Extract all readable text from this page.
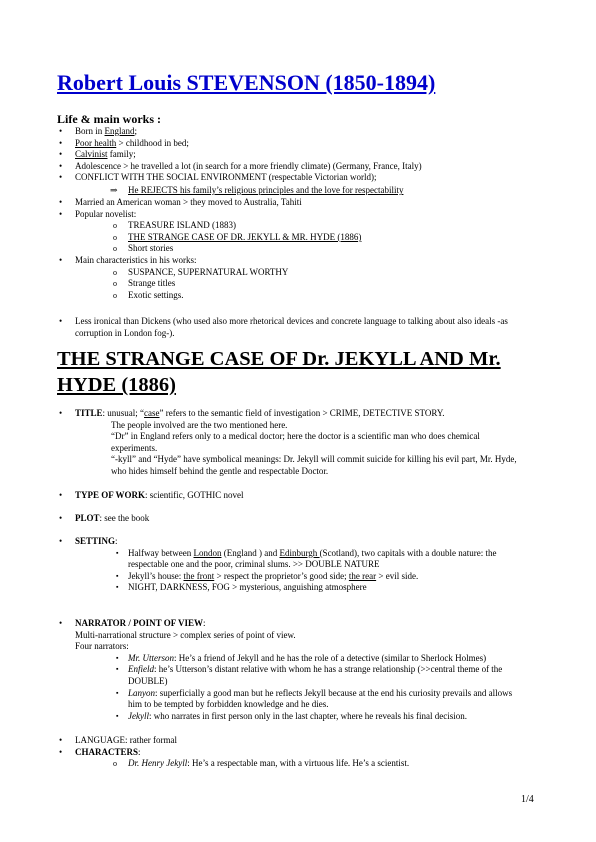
Robert Louis STEVENSON (1850-1894)
Life & main works :
• Born in England;
• Poor health > childhood in bed;
• Calvinist family;
• Adolescence > he travelled a lot (in search for a more friendly climate) (Germany, France, Italy)
• CONFLICT WITH THE SOCIAL ENVIRONMENT (respectable Victorian world);
⇒ He REJECTS his family’s religious principles and the love for respectability
• Married an American woman > they moved to Australia, Tahiti
• Popular novelist:
o TREASURE ISLAND (1883)
o THE STRANGE CASE OF DR. JEKYLL & MR. HYDE (1886)
o Short stories
• Main characteristics in his works:
o SUSPANCE, SUPERNATURAL WORTHY
o Strange titles
o Exotic settings.
• Less ironical than Dickens (who used also more rhetorical devices and concrete language to talking about also ideals -as corruption in London fog-).
THE STRANGE CASE OF Dr. JEKYLL AND Mr. HYDE (1886)
• TITLE: unusual; “case” refers to the semantic field of investigation > CRIME, DETECTIVE STORY.
The people involved are the two mentioned here.
“Dr” in England refers only to a medical doctor; here the doctor is a scientific man who does chemical experiments.
“-kyll” and “Hyde” have symbolical meanings: Dr. Jekyll will commit suicide for killing his evil part, Mr. Hyde, who hides himself behind the gentle and respectable Doctor.
• TYPE OF WORK: scientific, GOTHIC novel
• PLOT: see the book
• SETTING:
▪ Halfway between London (England ) and Edinburgh (Scotland), two capitals with a double nature: the respectable one and the poor, criminal slums. >> DOUBLE NATURE
▪ Jekyll’s house: the front > respect the proprietor’s good side; the rear > evil side.
▪ NIGHT, DARKNESS, FOG > mysterious, anguishing atmosphere
• NARRATOR / POINT OF VIEW:
Multi-narrational structure > complex series of point of view.
Four narrators:
▪ Mr. Utterson: He’s a friend of Jekyll and he has the role of a detective (similar to Sherlock Holmes)
▪ Enfield: he’s Utterson’s distant relative with whom he has a strange relationship (>>central theme of the DOUBLE)
▪ Lanyon: superficially a good man but he reflects Jekyll because at the end his curiosity prevails and allows him to be tempted by forbidden knowledge and he dies.
▪ Jekyll: who narrates in first person only in the last chapter, where he reveals his final decision.
• LANGUAGE: rather formal
• CHARACTERS:
o Dr. Henry Jekyll: He’s a respectable man, with a virtuous life. He’s a scientist.
1/4
